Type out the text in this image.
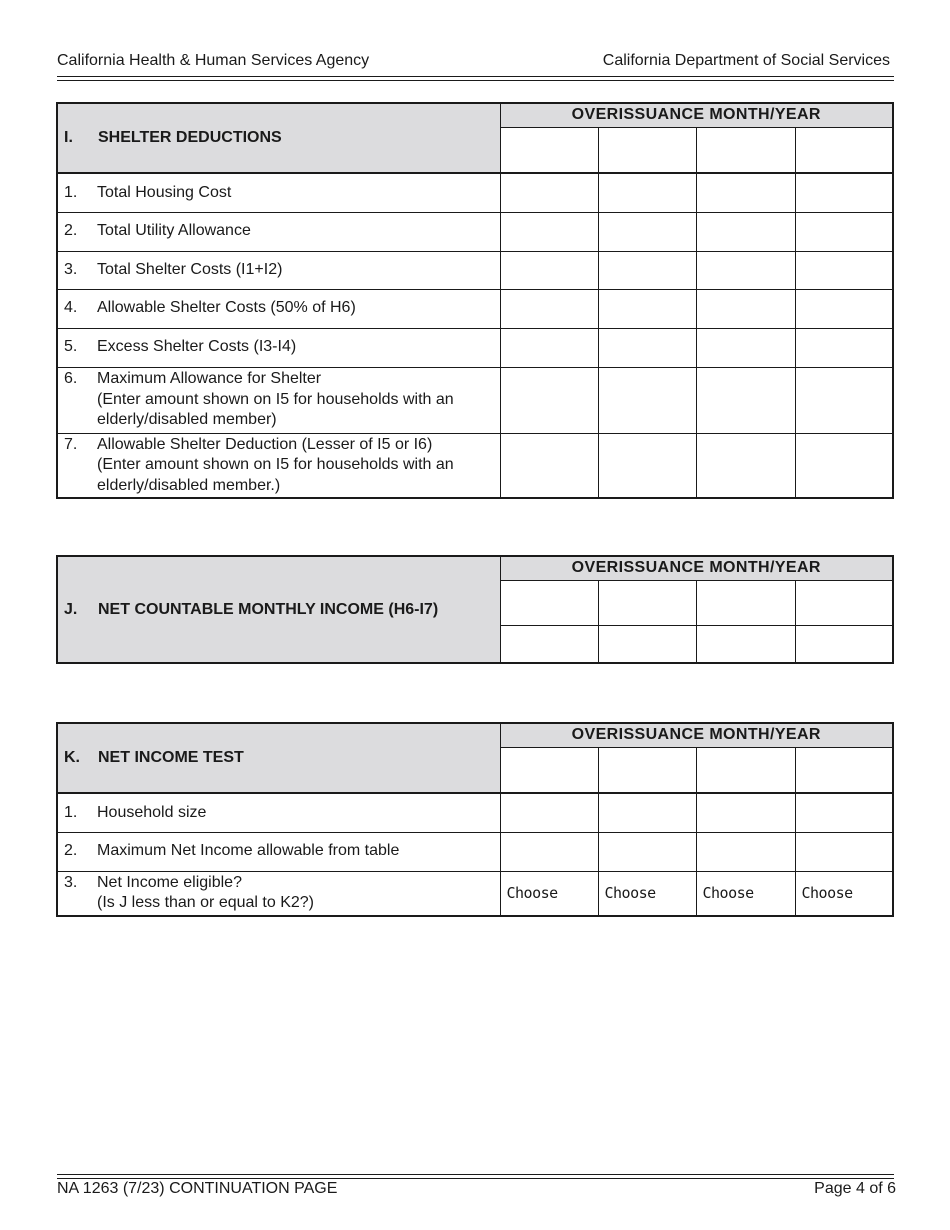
California Health & Human Services Agency	California Department of Social Services
I. SHELTER DEDUCTIONS	OVERISSUANCE MONTH/YEAR			

1. Total Housing Cost				

2. Total Utility Allowance				

3. Total Shelter Costs (I1+I2)				

4. Allowable Shelter Costs (50% of H6)				

5. Excess Shelter Costs (I3-I4)				

6. Maximum Allowance for Shelter
(Enter amount shown on I5 for households with an
elderly/disabled member)				

7. Allowable Shelter Deduction (Lesser of I5 or I6)
(Enter amount shown on I5 for households with an
elderly/disabled member.)				

J. NET COUNTABLE MONTHLY INCOME (H6-I7)	OVERISSUANCE MONTH/YEAR			

K. NET INCOME TEST	OVERISSUANCE MONTH/YEAR			

1. Household size				

2. Maximum Net Income allowable from table				

3. Net Income eligible?
(Is J less than or equal to K2?)	Choose	Choose	Choose	Choose
NA 1263 (7/23) CONTINUATION PAGE	Page 4 of 6
